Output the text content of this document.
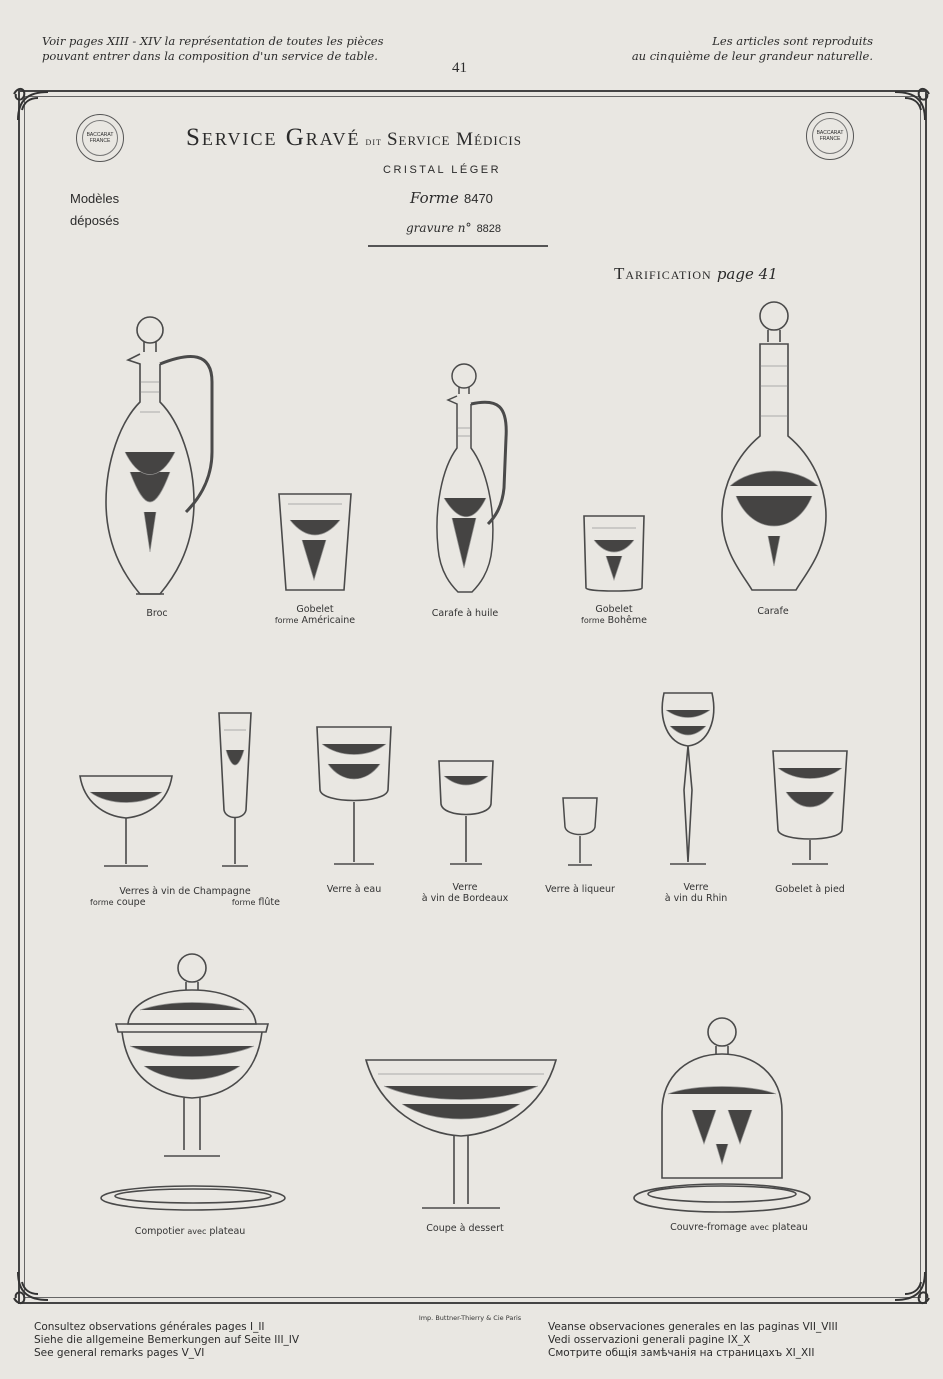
Voir pages XIII - XIV la représentation de toutes les pièces
pouvant entrer dans la composition d'un service de table.
41
Les articles sont reproduits
au cinquième de leur grandeur naturelle.
BACCARAT FRANCE
BACCARAT FRANCE
Service Gravé dit Service Médicis
CRISTAL LÉGER
Forme 8470
gravure n° 8828
Modèles
déposés
Tarification page 41
Broc	Gobelet
forme Américaine
Carafe à huile	Gobelet
forme Bohême
Carafe
Verres à vin de Champagne
forme coupe	forme flûte
Verre à eau	Verre
à vin de Bordeaux
Verre à liqueur	Verre
à vin du Rhin
Gobelet à pied
Compotier avec plateau	Coupe à dessert	Couvre-fromage avec plateau
Imp. Buttner-Thierry & Cie Paris
Consultez observations générales pages I_II
Siehe die allgemeine Bemerkungen auf Seite III_IV
See general remarks pages V_VI
Veanse observaciones generales en las paginas VII_VIII
Vedi osservazioni generali pagine IX_X
Смотрите общія замѣчанія на страницахъ XI_XII
